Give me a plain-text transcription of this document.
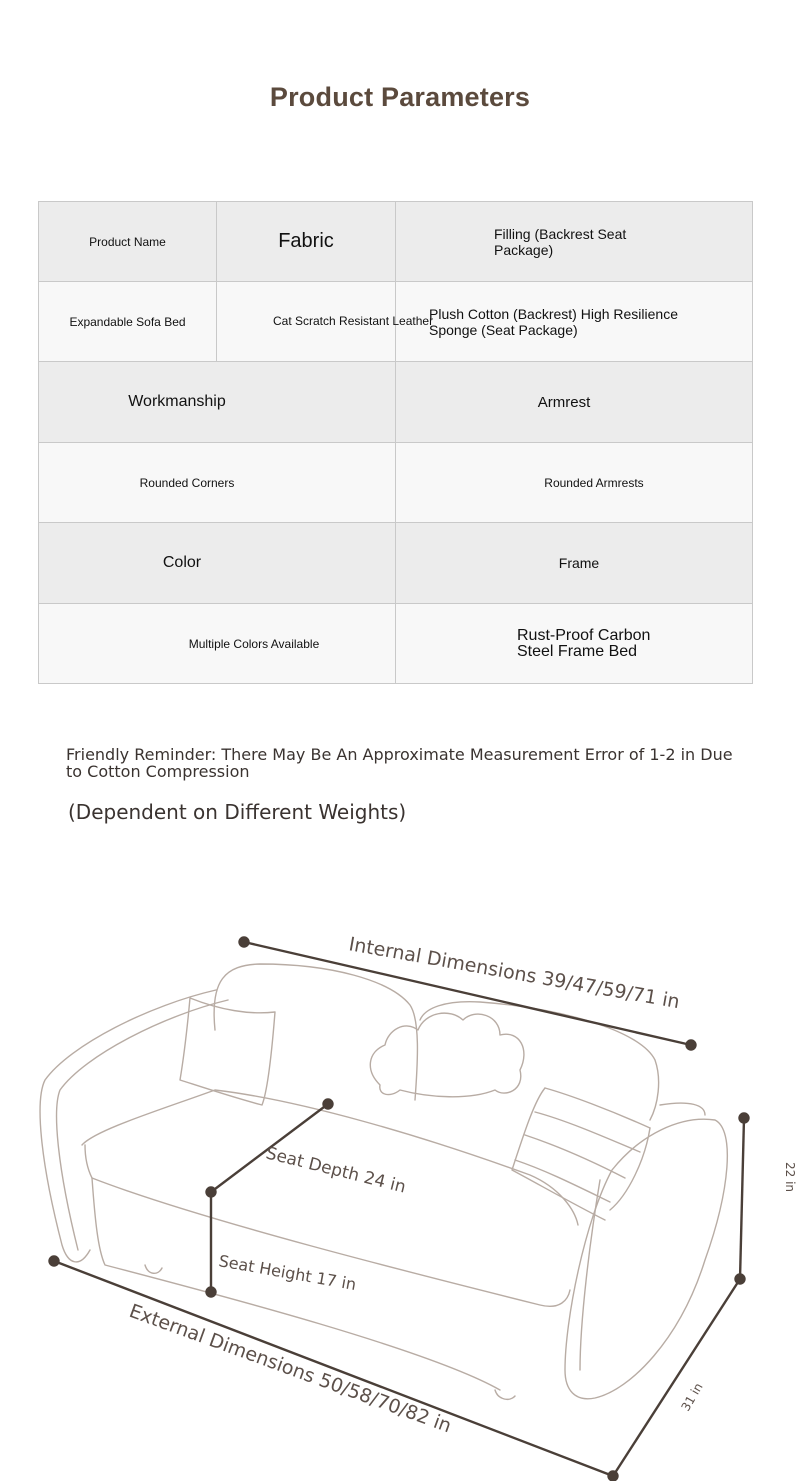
Product Parameters
Product Name	Fabric	Filling (Backrest Seat Package)

Expandable Sofa Bed	Cat Scratch Resistant Leather	Plush Cotton (Backrest) High Resilience Sponge (Seat Package)

Workmanship		Armrest
Rounded Corners		Rounded Armrests
Color		Frame
Multiple Colors Available		Rust-Proof Carbon Steel Frame Bed
Friendly Reminder: There May Be An Approximate Measurement Error of 1-2 in Due to Cotton Compression
(Dependent on Different Weights)
Internal Dimensions 39/47/59/71 in
Seat Depth 24 in
Seat Height 17 in
External Dimensions 50/58/70/82 in
22 in
31 in
